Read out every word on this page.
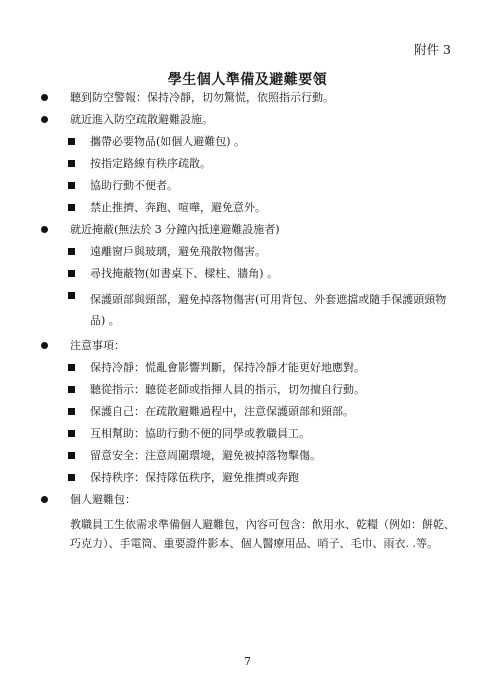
附件 3
學生個人準備及避難要領
聽到防空警報：保持冷靜，切勿驚慌，依照指示行動。
就近進入防空疏散避難設施。
攜帶必要物品(如個人避難包) 。
按指定路線有秩序疏散。
協助行動不便者。
禁止推擠、奔跑、喧嘩，避免意外。
就近掩蔽(無法於 3 分鐘內抵達避難設施者)
遠離窗戶與玻璃，避免飛散物傷害。
尋找掩蔽物(如書桌下、樑柱、牆角) 。
保護頭部與頸部，避免掉落物傷害(可用背包、外套遮擋或隨手保護頭頸物品) 。
注意事項：
保持冷靜：慌亂會影響判斷，保持冷靜才能更好地應對。
聽從指示：聽從老師或指揮人員的指示，切勿擅自行動。
保護自己：在疏散避難過程中，注意保護頭部和頸部。
互相幫助：協助行動不便的同學或教職員工。
留意安全：注意周圍環境，避免被掉落物擊傷。
保持秩序：保持隊伍秩序，避免推擠或奔跑
個人避難包：
教職員工生依需求準備個人避難包，內容可包含：飲用水、乾糧（例如：餅乾、巧克力）、手電筒、重要證件影本、個人醫療用品、哨子、毛巾、雨衣. .等。
7
